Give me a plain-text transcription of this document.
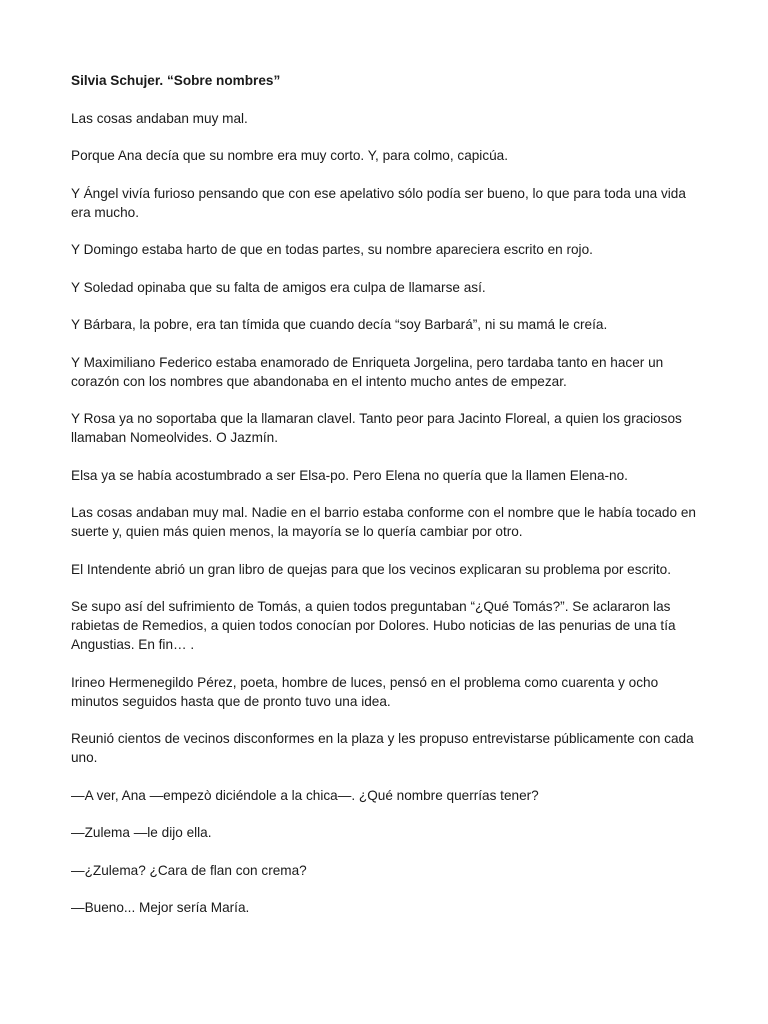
Silvia Schujer. “Sobre nombres”
Las cosas andaban muy mal.
Porque Ana decía que su nombre era muy corto. Y, para colmo, capicúa.
Y Ángel vivía furioso pensando que con ese apelativo sólo podía ser bueno, lo que para toda una vida era mucho.
Y Domingo estaba harto de que en todas partes, su nombre apareciera escrito en rojo.
Y Soledad opinaba que su falta de amigos era culpa de llamarse así.
Y Bárbara, la pobre, era tan tímida que cuando decía “soy Barbará”, ni su mamá le creía.
Y Maximiliano Federico estaba enamorado de Enriqueta Jorgelina, pero tardaba tanto en hacer un corazón con los nombres que abandonaba en el intento mucho antes de empezar.
Y Rosa ya no soportaba que la llamaran clavel. Tanto peor para Jacinto Floreal, a quien los graciosos llamaban Nomeolvides. O Jazmín.
Elsa ya se había acostumbrado a ser Elsa-po. Pero Elena no quería que la llamen Elena-no.
Las cosas andaban muy mal. Nadie en el barrio estaba conforme con el nombre que le había tocado en suerte y, quien más quien menos, la mayoría se lo quería cambiar por otro.
El Intendente abrió un gran libro de quejas para que los vecinos explicaran su problema por escrito.
Se supo así del sufrimiento de Tomás, a quien todos preguntaban “¿Qué Tomás?”. Se aclararon las rabietas de Remedios, a quien todos conocían por Dolores. Hubo noticias de las penurias de una tía Angustias. En fin… .
Irineo Hermenegildo Pérez, poeta, hombre de luces, pensó en el problema como cuarenta y ocho minutos seguidos hasta que de pronto tuvo una idea.
Reunió cientos de vecinos disconformes en la plaza y les propuso entrevistarse públicamente con cada uno.
—A ver, Ana —empezò diciéndole a la chica—. ¿Qué nombre querrías tener?
—Zulema —le dijo ella.
—¿Zulema? ¿Cara de flan con crema?
—Bueno... Mejor sería María.
